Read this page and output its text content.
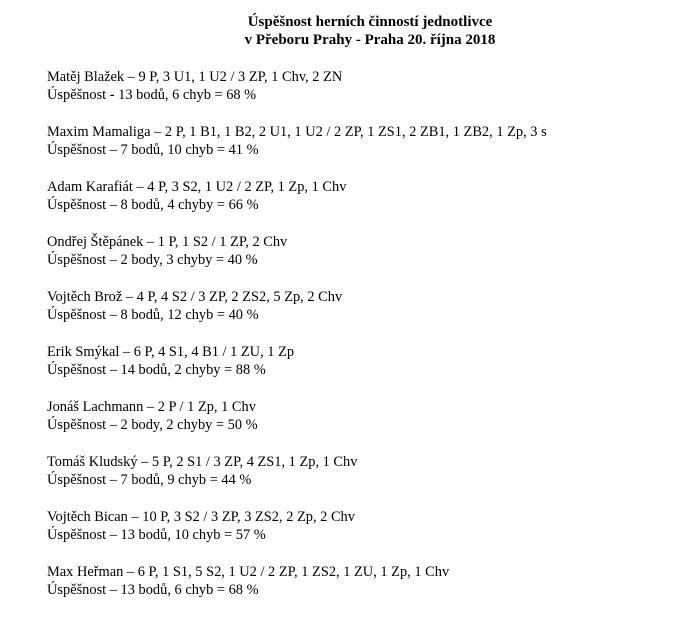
Úspěšnost herních činností jednotlivce
v Přeboru Prahy - Praha 20. října 2018
Matěj Blažek – 9 P, 3 U1, 1 U2 / 3 ZP, 1 Chv, 2 ZN
Úspěšnost - 13 bodů, 6 chyb = 68 %
Maxim Mamaliga – 2 P, 1 B1, 1 B2, 2 U1, 1 U2 / 2 ZP, 1 ZS1, 2 ZB1, 1 ZB2, 1 Zp, 3 s
Úspěšnost – 7 bodů, 10 chyb = 41 %
Adam Karafiát – 4 P, 3 S2, 1 U2 / 2 ZP, 1 Zp, 1 Chv
Úspěšnost – 8 bodů, 4 chyby = 66 %
Ondřej Štěpánek – 1 P, 1 S2 / 1 ZP, 2 Chv
Úspěšnost – 2 body, 3 chyby = 40 %
Vojtěch Brož – 4 P, 4 S2 / 3 ZP, 2 ZS2, 5 Zp, 2 Chv
Úspěšnost – 8 bodů, 12 chyb = 40 %
Erik Smýkal – 6 P, 4 S1, 4 B1 / 1 ZU, 1 Zp
Úspěšnost – 14 bodů, 2 chyby = 88 %
Jonáš Lachmann – 2 P / 1 Zp, 1 Chv
Úspěšnost – 2 body, 2 chyby = 50 %
Tomáš Kludský – 5 P, 2 S1 / 3 ZP, 4 ZS1, 1 Zp, 1 Chv
Úspěšnost – 7 bodů, 9 chyb = 44 %
Vojtěch Bican – 10 P, 3 S2 / 3 ZP, 3 ZS2, 2 Zp, 2 Chv
Úspěšnost – 13 bodů, 10 chyb = 57 %
Max Heřman – 6 P, 1 S1, 5 S2, 1 U2 / 2 ZP, 1 ZS2, 1 ZU, 1 Zp, 1 Chv
Úspěšnost – 13 bodů, 6 chyb = 68 %
